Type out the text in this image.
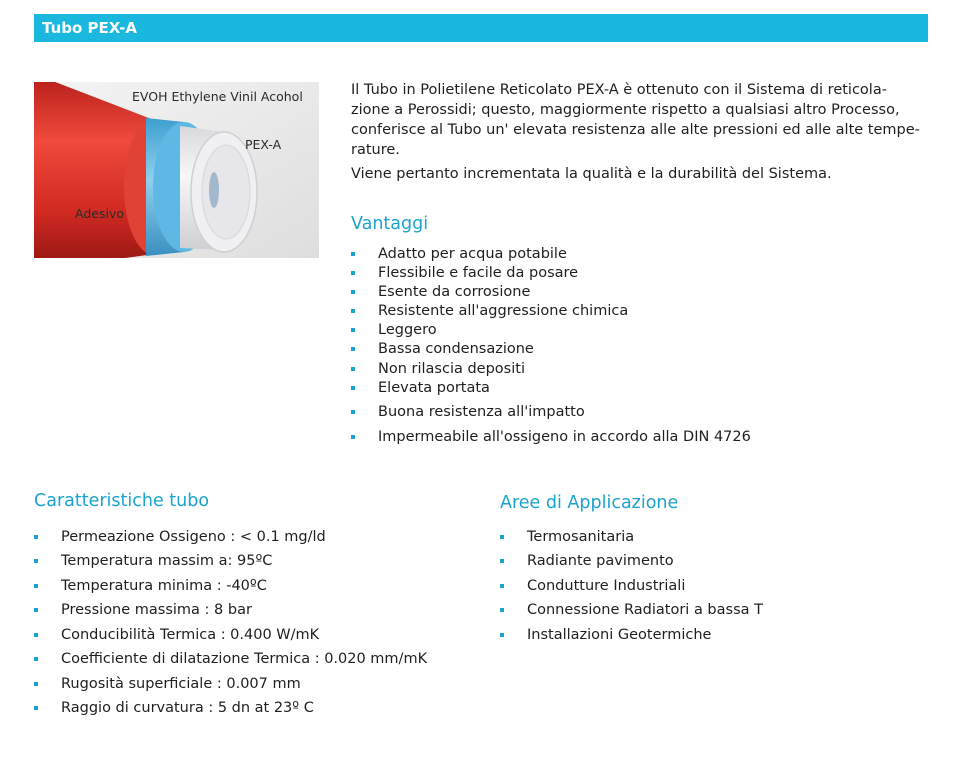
Tubo PEX-A
EVOH Ethylene Vinil Acohol
PEX-A
Adesivo

Il Tubo in Polietilene Reticolato PEX-A è ottenuto con il Sistema di reticola-
zione a Perossidi; questo, maggiormente rispetto a qualsiasi altro Processo,
conferisce al Tubo un' elevata resistenza alle alte pressioni ed alle alte tempe-
rature.

Viene pertanto incrementata la qualità e la durabilità del Sistema.

Vantaggi
Adatto per acqua potabile
Flessibile e facile da posare
Esente da corrosione
Resistente all'aggressione chimica
Leggero
Bassa condensazione
Non rilascia depositi
Elevata portata
Buona resistenza all'impatto
Impermeabile all'ossigeno in accordo alla DIN 4726
Caratteristiche tubo
Permeazione Ossigeno : < 0.1 mg/ld
Temperatura massim a: 95ºC
Temperatura minima : -40ºC
Pressione massima : 8 bar
Conducibilità Termica : 0.400 W/mK
Coefficiente di dilatazione Termica : 0.020 mm/mK
Rugosità superficiale : 0.007 mm
Raggio di curvatura : 5 dn at 23º C
Aree di Applicazione
Termosanitaria
Radiante pavimento
Condutture Industriali
Connessione Radiatori a bassa T
Installazioni Geotermiche
